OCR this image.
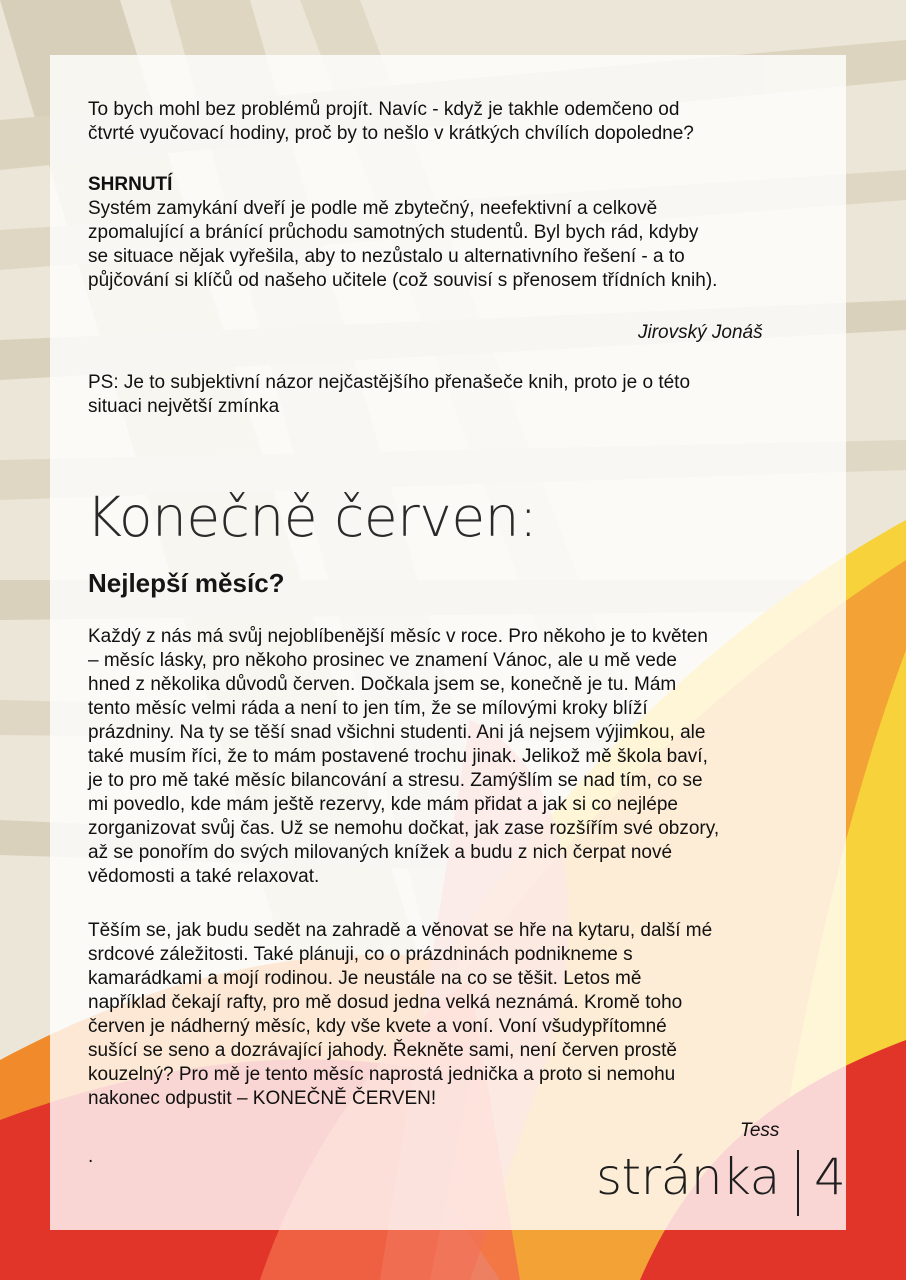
To bych mohl bez problémů projít. Navíc - když je takhle odemčeno od
čtvrté vyučovací hodiny, proč by to nešlo v krátkých chvílích dopoledne?
SHRNUTÍ
Systém zamykání dveří je podle mě zbytečný, neefektivní a celkově
zpomalující a bránící průchodu samotných studentů. Byl bych rád, kdyby
se situace nějak vyřešila, aby to nezůstalo u alternativního řešení - a to
půjčování si klíčů od našeho učitele (což souvisí s přenosem třídních knih).
Jirovský Jonáš
PS: Je to subjektivní názor nejčastějšího přenašeče knih, proto je o této
situaci největší zmínka
Konečně červen:
Nejlepší měsíc?
Každý z nás má svůj nejoblíbenější měsíc v roce. Pro někoho je to květen
– měsíc lásky, pro někoho prosinec ve znamení Vánoc, ale u mě vede
hned z několika důvodů červen. Dočkala jsem se, konečně je tu. Mám
tento měsíc velmi ráda a není to jen tím, že se mílovými kroky blíží
prázdniny. Na ty se těší snad všichni studenti. Ani já nejsem výjimkou, ale
také musím říci, že to mám postavené trochu jinak. Jelikož mě škola baví,
je to pro mě také měsíc bilancování a stresu. Zamýšlím se nad tím, co se
mi povedlo, kde mám ještě rezervy, kde mám přidat a jak si co nejlépe
zorganizovat svůj čas. Už se nemohu dočkat, jak zase rozšířím své obzory,
až se ponořím do svých milovaných knížek a budu z nich čerpat nové
vědomosti a také relaxovat.
Těším se, jak budu sedět na zahradě a věnovat se hře na kytaru, další mé
srdcové záležitosti. Také plánuji, co o prázdninách podnikneme s
kamarádkami a mojí rodinou. Je neustále na co se těšit. Letos mě
například čekají rafty, pro mě dosud jedna velká neznámá. Kromě toho
červen je nádherný měsíc, kdy vše kvete a voní. Voní všudypřítomné
sušící se seno a dozrávající jahody. Řekněte sami, není červen prostě
kouzelný? Pro mě je tento měsíc naprostá jednička a proto si nemohu
nakonec odpustit – KONEČNĚ ČERVEN!
Tess
.	stránka 4
